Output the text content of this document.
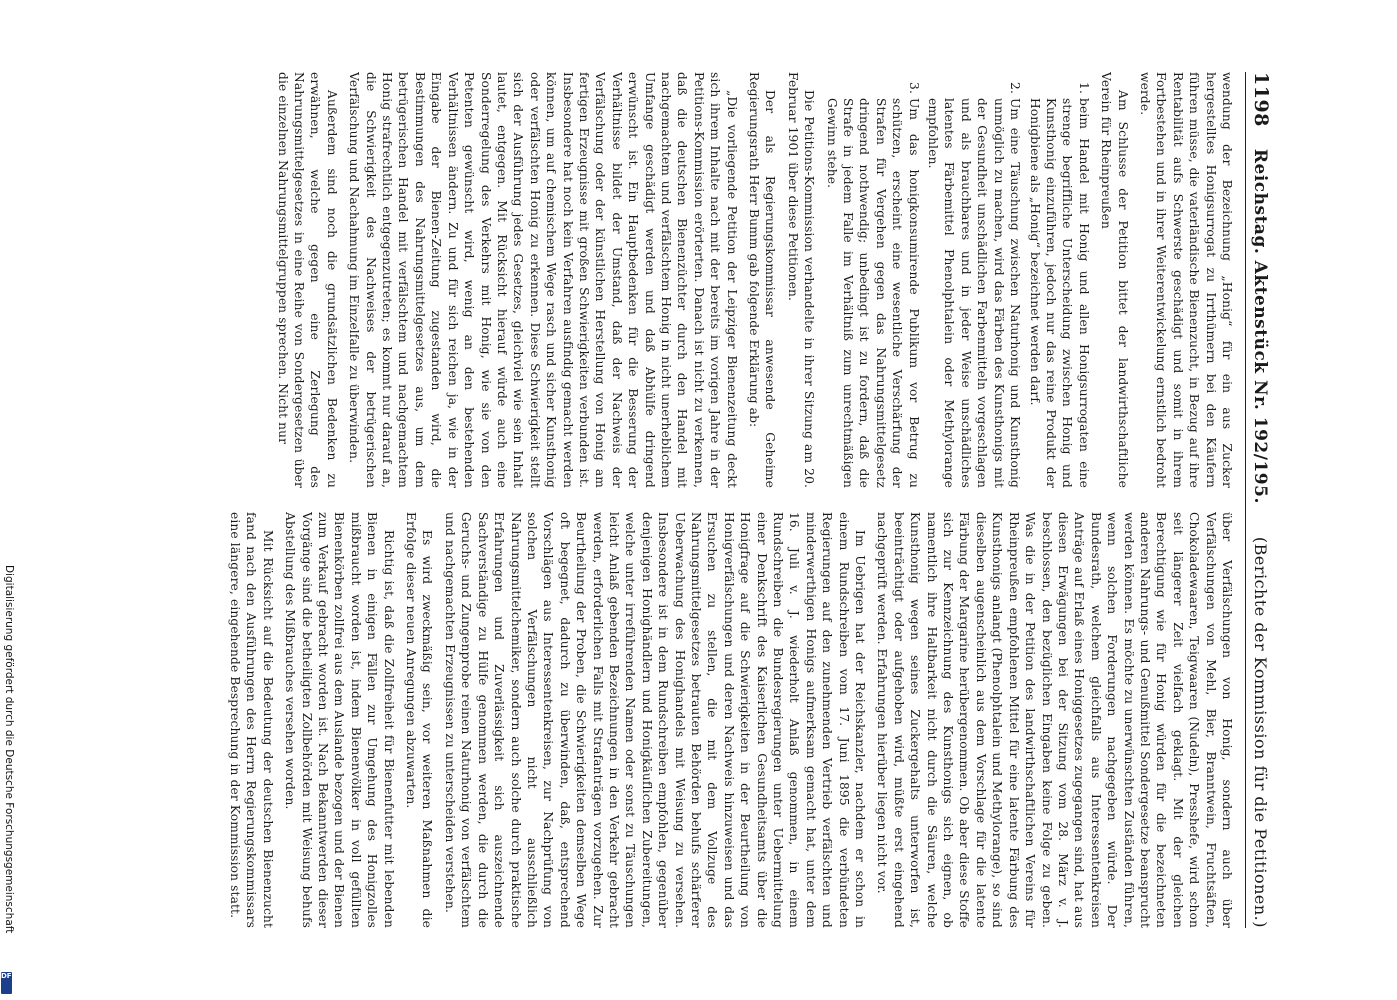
1198
Reichstag. Aktenstück Nr. 192/195.
(Berichte der Kommission für die Petitionen.)

wendung der Bezeichnung „Honig“ für ein aus Zucker hergestelltes Honigsurrogat zu Irrthümern bei den Käufern führen müsse, die vaterländische Bienenzucht, in Bezug auf ihre Rentabilität aufs Schwerste geschädigt und somit in ihrem Fortbestehen und in ihrer Weiterentwickelung ernstlich bedroht werde.

Am Schlusse der Petition bittet der landwirthschaftliche Verein für Rheinpreußen

1. beim Handel mit Honig und allen Honigsurrogaten eine strenge begriffliche Unterscheidung zwischen Honig und Kunsthonig einzuführen, jedoch nur das reine Produkt der Honigbiene als „Honig“ bezeichnet werden darf.
2. Um eine Täuschung zwischen Naturhonig und Kunsthonig unmöglich zu machen, wird das Färben des Kunsthonigs mit der Gesundheit unschädlichen Farbenmitteln vorgeschlagen und als brauchbares und in jeder Weise unschädliches latentes Färbemittel Phenolphtalein oder Methylorange empfohlen.
3. Um das honigkonsumirende Publikum vor Betrug zu schützen, erscheint eine wesentliche Verschärfung der Strafen für Vergehen gegen das Nahrungsmittelgesetz dringend nothwendig; unbedingt ist zu fordern, daß die Strafe in jedem Falle im Verhältniß zum unrechtmäßigen Gewinn stehe.

Die Petitions-Kommission verhandelte in ihrer Sitzung am 20. Februar 1901 über diese Petitionen.

Der als Regierungskommissar anwesende Geheime Regierungsrath Herr Bumm gab folgende Erklärung ab:

„Die vorliegende Petition der Leipziger Bienenzeitung deckt sich ihrem Inhalte nach mit der bereits im vorigen Jahre in der Petitions-Kommission erörterten. Danach ist nicht zu verkennen, daß die deutschen Bienenzüchter durch den Handel mit nachgemachtem und verfälschtem Honig in nicht unerheblichem Umfange geschädigt werden und daß Abhülfe dringend erwünscht ist. Ein Hauptbedenken für die Besserung der Verhältnisse bildet der Umstand, daß der Nachweis der Verfälschung oder der künstlichen Herstellung von Honig am fertigen Erzeugnisse mit großen Schwierigkeiten verbunden ist. Insbesondere hat noch kein Verfahren ausfindig gemacht werden können, um auf chemischem Wege rasch und sicher Kunsthonig oder verfälschten Honig zu erkennen. Diese Schwierigkeit stellt sich der Ausführung jedes Gesetzes, gleichviel wie sein Inhalt lautet, entgegen. Mit Rücksicht hierauf würde auch eine Sonderregelung des Verkehrs mit Honig, wie sie von den Petenten gewünscht wird, wenig an den bestehenden Verhältnissen ändern. Zu und für sich reichen ja, wie in der Eingabe der Bienen-Zeitung zugestanden wird, die Bestimmungen des Nahrungsmittelgesetzes aus, um dem betrügerischen Handel mit verfälschtem und nachgemachtem Honig strafrechtlich entgegenzutreten; es kommt nur darauf an, die Schwierigkeit des Nachweises der betrügerischen Verfälschung und Nachahmung im Einzelfalle zu überwinden.

Außerdem sind noch die grundsätzlichen Bedenken zu erwähnen, welche gegen eine Zerlegung des Nahrungsmittelgesetzes in eine Reihe von Sondergesetzen über die einzelnen Nahrungsmittelgruppen sprechen. Nicht nur

über Verfälschungen von Honig, sondern auch über Verfälschungen von Mehl, Bier, Branntwein, Fruchtsäften, Chokoladewaaren, Teigwaaren (Nudeln), Presshefe, wird schon seit längerer Zeit vielfach geklagt. Mit der gleichen Berechtigung wie für Honig würden für die bezeichneten anderen Nahrungs- und Genußmittel Sondergesetze beansprucht werden können. Es möchte zu unerwünschten Zuständen führen, wenn solchen Forderungen nachgegeben würde. Der Bundesrath, welchem gleichfalls aus Interessentenkreisen Anträge auf Erlaß eines Honiggesetzes zugegangen sind, hat aus diesen Erwägungen bei der Sitzung vom 28. März v. J. beschlossen, den bezüglichen Eingaben keine Folge zu geben. Was die in der Petition des landwirthschaftlichen Vereins für Rheinpreußen empfohlenen Mittel für eine latente Färbung des Kunsthonigs anlangt (Phenolphtalein und Methylorange), so sind dieselben augenscheinlich aus dem Vorschlage für die latente Färbung der Margarine herübergenommen. Ob aber diese Stoffe sich zur Kennzeichnung des Kunsthonigs sich eignen, ob namentlich ihre Haltbarkeit nicht durch die Säuren, welche Kunsthonig wegen seines Zuckergehalts unterworfen ist, beeinträchtigt oder aufgehoben wird, müßte erst eingehend nachgeprüft werden. Erfahrungen hierüber liegen nicht vor.

Im Uebrigen hat der Reichskanzler, nachdem er schon in einem Rundschreiben vom 17. Juni 1895 die verbündeten Regierungen auf den zunehmenden Vertrieb verfälschten und minderwerthigen Honigs aufmerksam gemacht hat, unter dem 16. Juli v. J. wiederholt Anlaß genommen, in einem Rundschreiben die Bundesregierungen unter Uebermittelung einer Denkschrift des Kaiserlichen Gesundheitsamts über die Honigfrage auf die Schwierigkeiten in der Beurtheilung von Honigverfälschungen und deren Nachweis hinzuweisen und das Ersuchen zu stellen, die mit dem Vollzuge des Nahrungsmittelgesetzes betrauten Behörden behufs schärferer Ueberwachung des Honighandels mit Weisung zu versehen. Insbesondere ist in dem Rundschreiben empfohlen, gegenüber denjenigen Honighändlern und Honigkäuflichen Zubereitungen, welche unter irreführenden Namen oder sonst zu Täuschungen leicht Anlaß gebenden Bezeichnungen in den Verkehr gebracht werden, erforderlichen Falls mit Strafanträgen vorzugehen. Zur Beurtheilung der Proben, die Schwierigkeiten demselben Wege oft begegnet, dadurch zu überwinden, daß, entsprechend Vorschlägen aus Interessentenkreisen, zur Nachprüfung von solchen Verfälschungen nicht ausschließlich Nahrungsmittelchemiker, sondern auch solche durch praktische Erfahrungen und Zuverlässigkeit sich auszeichnende Sachverständige zu Hülfe genommen werden, die durch die Geruchs- und Zungenprobe reinen Naturhonig von verfälschtem und nachgemachten Erzeugnissen zu unterscheiden verstehen.

Es wird zweckmäßig sein, vor weiteren Maßnahmen die Erfolge dieser neuen Anregungen abzuwarten.

Richtig ist, daß die Zollfreiheit für Bienenfutter mit lebenden Bienen in einigen Fällen zur Umgehung des Honigzolles mißbraucht worden ist, indem Bienenvölker in voll gefüllten Bienenkörben zollfrei aus dem Auslande bezogen und der Bienen zum Verkauf gebracht worden ist. Nach Bekanntwerden dieser Vorgänge sind die betheiligten Zollbehörden mit Weisung behufs Abstellung des Mißbrauches versehen worden.

Mit Rücksicht auf die Bedeutung der deutschen Bienenzucht fand nach den Ausführungen des Herrn Regierungskommissars eine längere, eingehende Besprechung in der Kommission statt.

Digitalisierung gefördert durch die Deutsche Forschungsgemeinschaft
DFG
